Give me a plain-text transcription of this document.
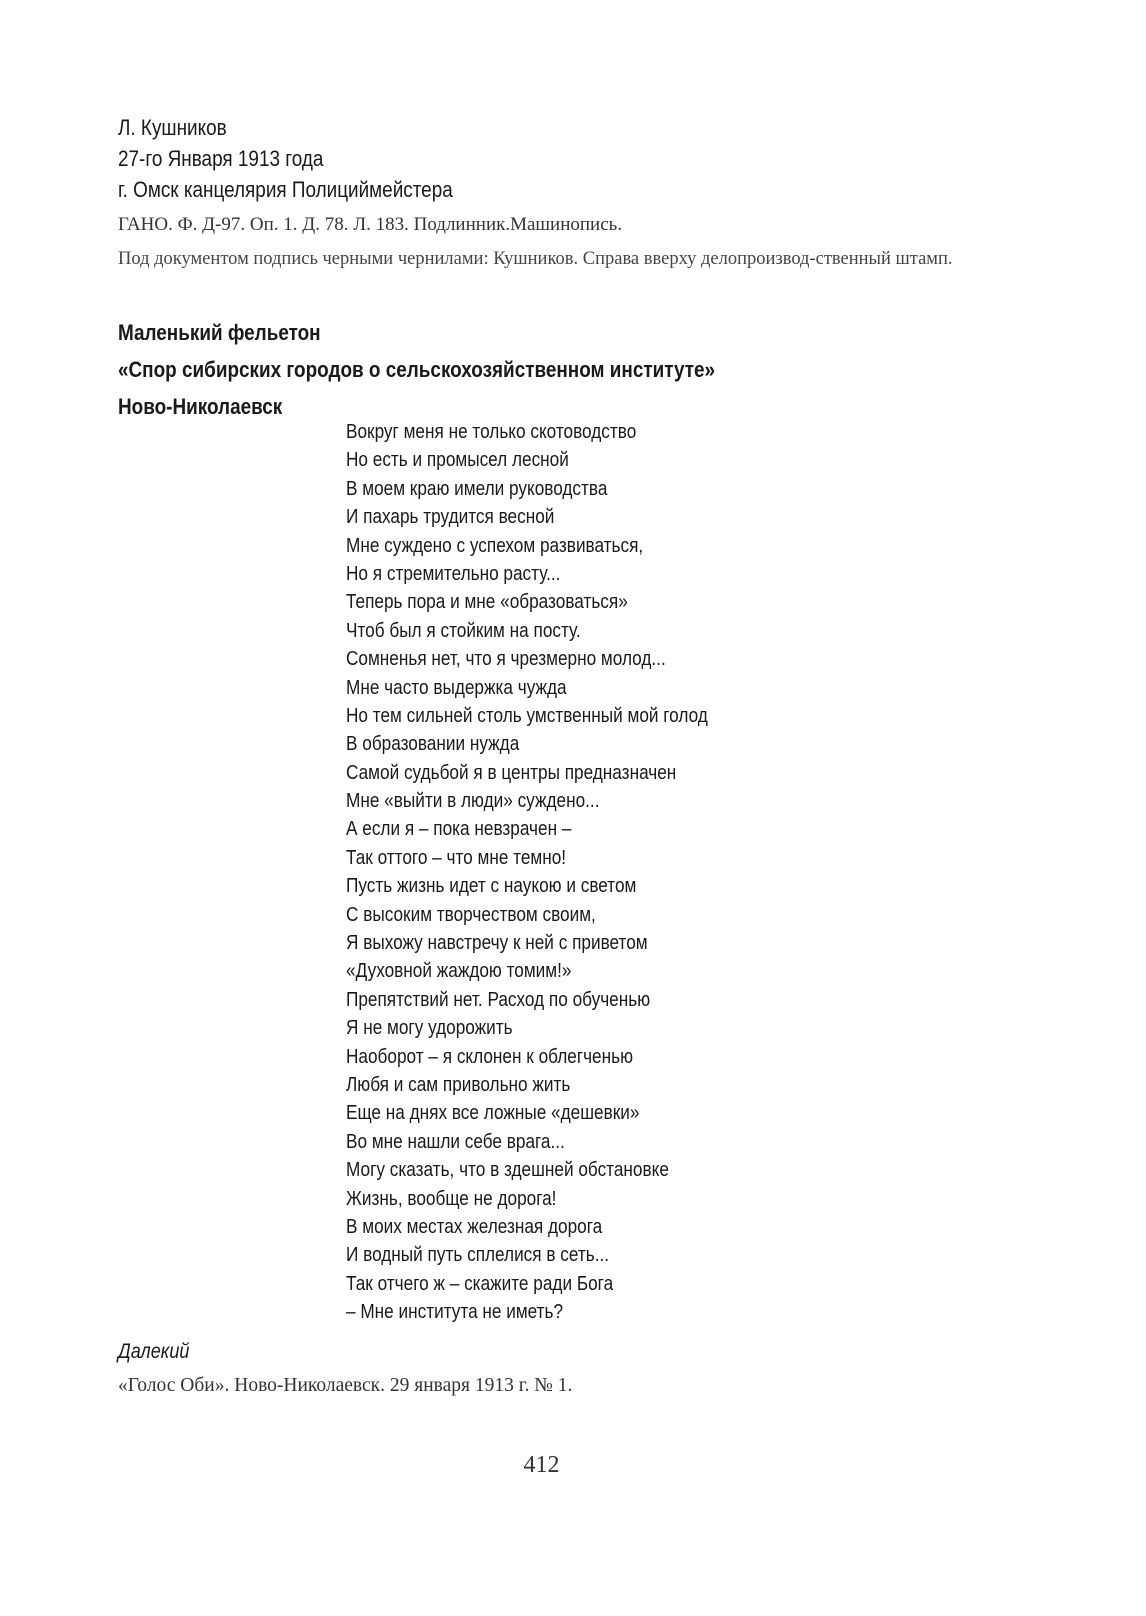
Л. Кушников
27-го Января 1913 года
г. Омск канцелярия Полициймейстера
ГАНО. Ф. Д-97. Оп. 1. Д. 78. Л. 183. Подлинник.Машинопись.
Под документом подпись черными чернилами: Кушников. Справа вверху делопроизвод-ственный штамп.
Маленький фельетон
«Спор сибирских городов о сельскохозяйственном институте»
Ново-Николаевск
Вокруг меня не только скотоводство
Но есть и промысел лесной
В моем краю имели руководства
И пахарь трудится весной
Мне суждено с успехом развиваться,
Но я стремительно расту...
Теперь пора и мне «образоваться»
Чтоб был я стойким на посту.
Сомненья нет, что я чрезмерно молод...
Мне часто выдержка чужда
Но тем сильней столь умственный мой голод
В образовании нужда
Самой судьбой я в центры предназначен
Мне «выйти в люди» суждено...
А если я – пока невзрачен –
Так оттого – что мне темно!
Пусть жизнь идет с наукою и светом
С высоким творчеством своим,
Я выхожу навстречу к ней с приветом
«Духовной жаждою томим!»
Препятствий нет. Расход по обученью
Я не могу удорожить
Наоборот – я склонен к облегченью
Любя и сам привольно жить
Еще на днях все ложные «дешевки»
Во мне нашли себе врага...
Могу сказать, что в здешней обстановке
Жизнь, вообще не дорога!
В моих местах железная дорога
И водный путь сплелися в сеть...
Так отчего ж – скажите ради Бога
– Мне института не иметь?
Далекий
«Голос Оби». Ново-Николаевск. 29 января 1913 г. № 1.
412
